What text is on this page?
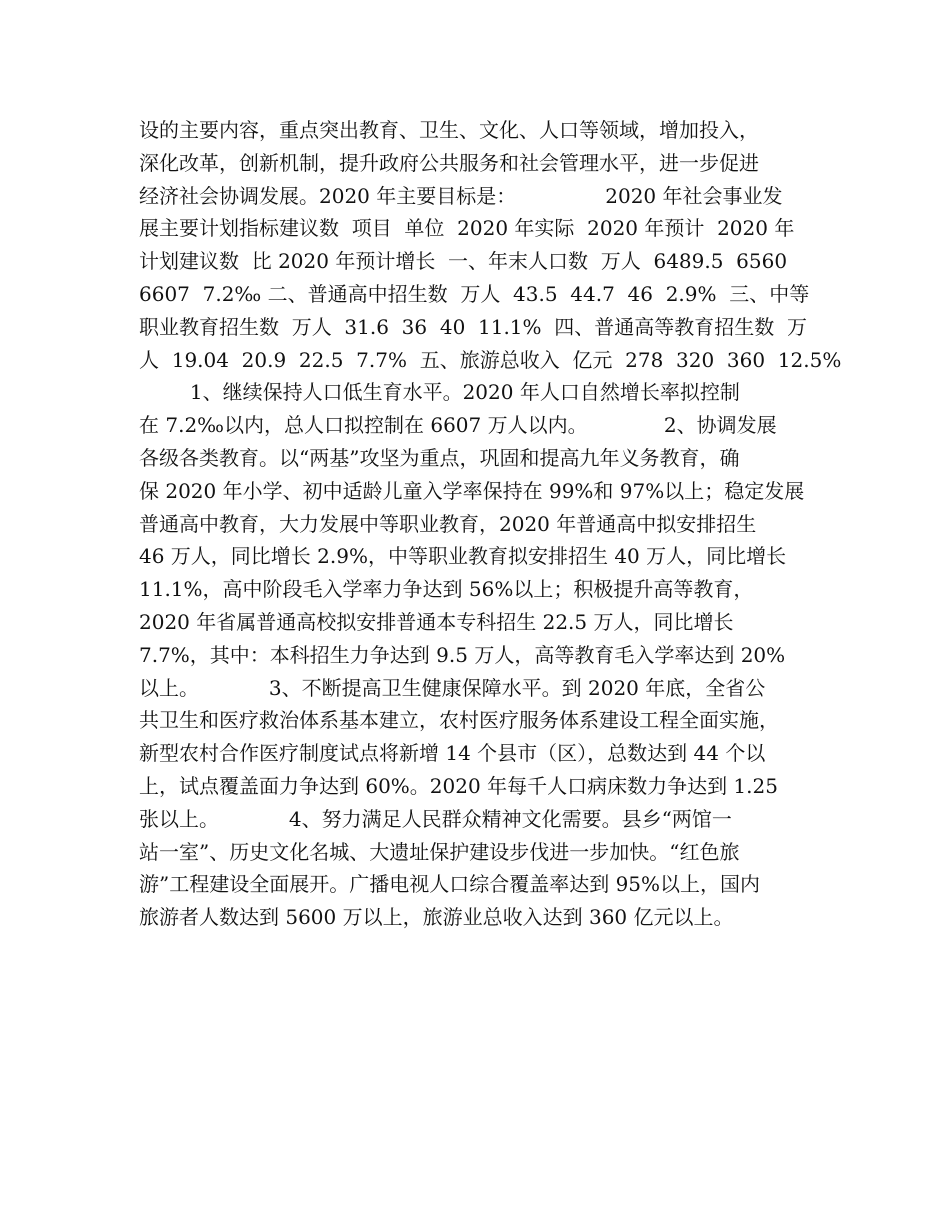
设的主要内容，重点突出教育、卫生、文化、人口等领域，增加投入，
深化改革，创新机制，提升政府公共服务和社会管理水平，进一步促进
经济社会协调发展。2020 年主要目标是：              2020 年社会事业发
展主要计划指标建议数  项目  单位  2020 年实际  2020 年预计  2020 年
计划建议数  比 2020 年预计增长  一、年末人口数  万人  6489.5  6560
6607  7.2‰ 二、普通高中招生数  万人  43.5  44.7  46  2.9%  三、中等
职业教育招生数  万人  31.6  36  40  11.1%  四、普通高等教育招生数  万
人  19.04  20.9  22.5  7.7%  五、旅游总收入  亿元  278  320  360  12.5%
1、继续保持人口低生育水平。2020 年人口自然增长率拟控制
在 7.2‰以内，总人口拟控制在 6607 万人以内。            2、协调发展
各级各类教育。以“两基”攻坚为重点，巩固和提高九年义务教育，确
保 2020 年小学、初中适龄儿童入学率保持在 99%和 97%以上；稳定发展
普通高中教育，大力发展中等职业教育，2020 年普通高中拟安排招生
46 万人，同比增长 2.9%，中等职业教育拟安排招生 40 万人，同比增长
11.1%，高中阶段毛入学率力争达到 56%以上；积极提升高等教育，
2020 年省属普通高校拟安排普通本专科招生 22.5 万人，同比增长
7.7%，其中：本科招生力争达到 9.5 万人，高等教育毛入学率达到 20%
以上。           3、不断提高卫生健康保障水平。到 2020 年底，全省公
共卫生和医疗救治体系基本建立，农村医疗服务体系建设工程全面实施，
新型农村合作医疗制度试点将新增 14 个县市（区），总数达到 44 个以
上，试点覆盖面力争达到 60%。2020 年每千人口病床数力争达到 1.25
张以上。           4、努力满足人民群众精神文化需要。县乡“两馆一
站一室”、历史文化名城、大遗址保护建设步伐进一步加快。“红色旅
游”工程建设全面展开。广播电视人口综合覆盖率达到 95%以上，国内
旅游者人数达到 5600 万以上，旅游业总收入达到 360 亿元以上。
